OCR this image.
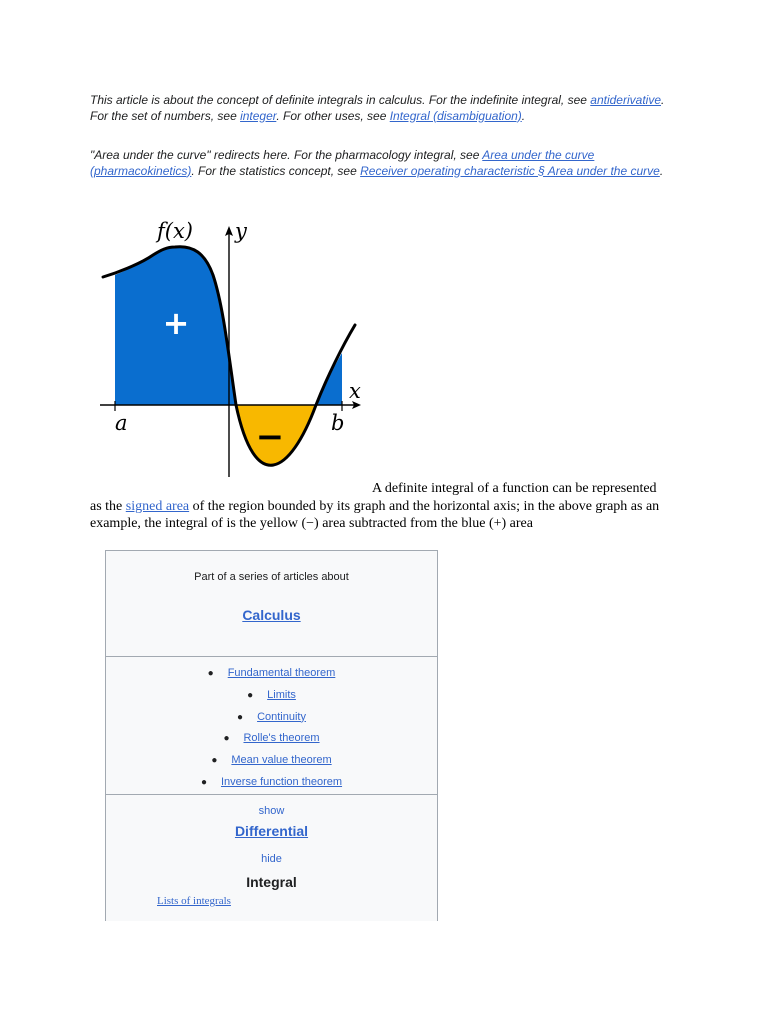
This article is about the concept of definite integrals in calculus. For the indefinite integral, see antiderivative. For the set of numbers, see integer. For other uses, see Integral (disambiguation).
"Area under the curve" redirects here. For the pharmacology integral, see Area under the curve (pharmacokinetics). For the statistics concept, see Receiver operating characteristic § Area under the curve.
f(x) y
x
a	b
+
−
A definite integral of a function can be represented as the signed area of the region bounded by its graph and the horizontal axis; in the above graph as an example, the integral of is the yellow (−) area subtracted from the blue (+) area
Part of a series of articles about
Calculus
● Fundamental theorem
● Limits
● Continuity
● Rolle's theorem
● Mean value theorem
● Inverse function theorem
show
Differential
hide
Integral
Lists of integrals
